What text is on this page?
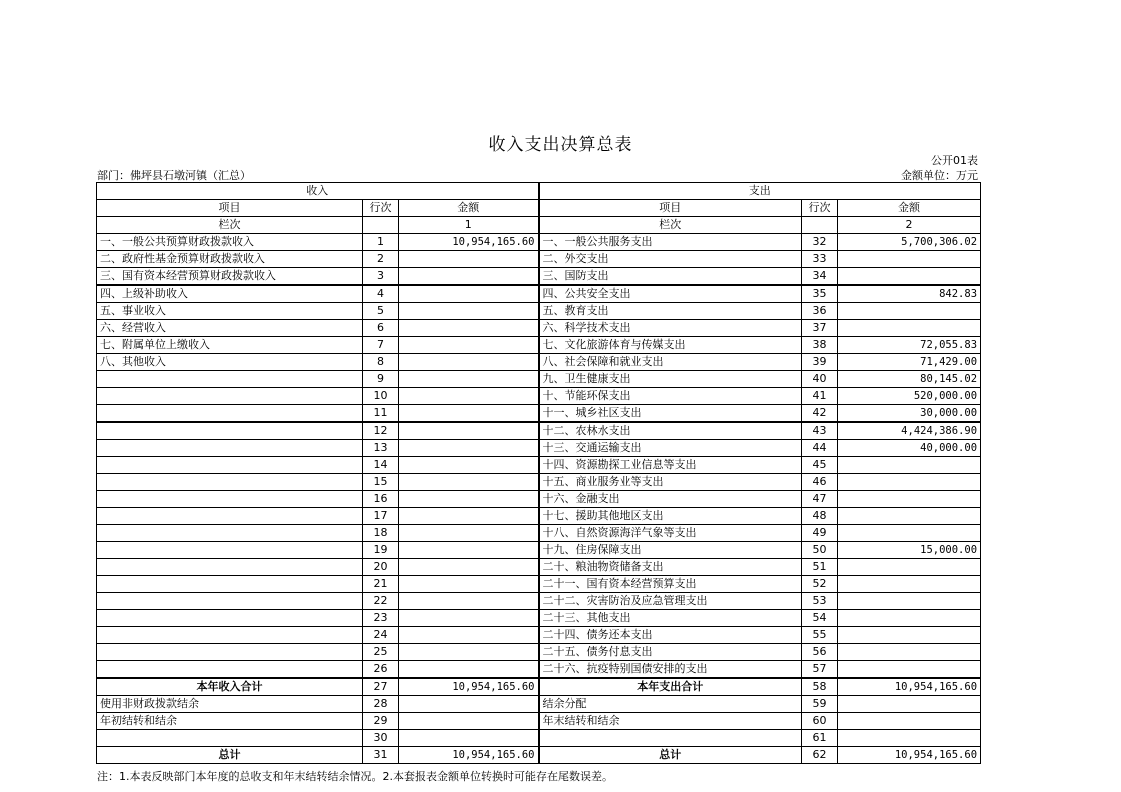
收入支出决算总表
公开01表
部门：佛坪县石墩河镇（汇总）	金额单位：万元
收入			支出		
项目	行次	金额	项目	行次	金额
栏次		1	栏次		2
一、一般公共预算财政拨款收入	1	10,954,165.60	一、一般公共服务支出	32	5,700,306.02
二、政府性基金预算财政拨款收入	2		二、外交支出	33	
三、国有资本经营预算财政拨款收入	3		三、国防支出	34	
四、上级补助收入	4		四、公共安全支出	35	842.83
五、事业收入	5		五、教育支出	36	
六、经营收入	6		六、科学技术支出	37	
七、附属单位上缴收入	7		七、文化旅游体育与传媒支出	38	72,055.83
八、其他收入	8		八、社会保障和就业支出	39	71,429.00
	9		九、卫生健康支出	40	80,145.02
	10		十、节能环保支出	41	520,000.00
	11		十一、城乡社区支出	42	30,000.00
	12		十二、农林水支出	43	4,424,386.90
	13		十三、交通运输支出	44	40,000.00
	14		十四、资源勘探工业信息等支出	45	
	15		十五、商业服务业等支出	46	
	16		十六、金融支出	47	
	17		十七、援助其他地区支出	48	
	18		十八、自然资源海洋气象等支出	49	
	19		十九、住房保障支出	50	15,000.00
	20		二十、粮油物资储备支出	51	
	21		二十一、国有资本经营预算支出	52	
	22		二十二、灾害防治及应急管理支出	53	
	23		二十三、其他支出	54	
	24		二十四、债务还本支出	55	
	25		二十五、债务付息支出	56	
	26		二十六、抗疫特别国债安排的支出	57	
本年收入合计	27	10,954,165.60	本年支出合计	58	10,954,165.60
使用非财政拨款结余	28		结余分配	59	
年初结转和结余	29		年末结转和结余	60	
	30			61	
总计	31	10,954,165.60	总计	62	10,954,165.60
注：1.本表反映部门本年度的总收支和年末结转结余情况。2.本套报表金额单位转换时可能存在尾数误差。
